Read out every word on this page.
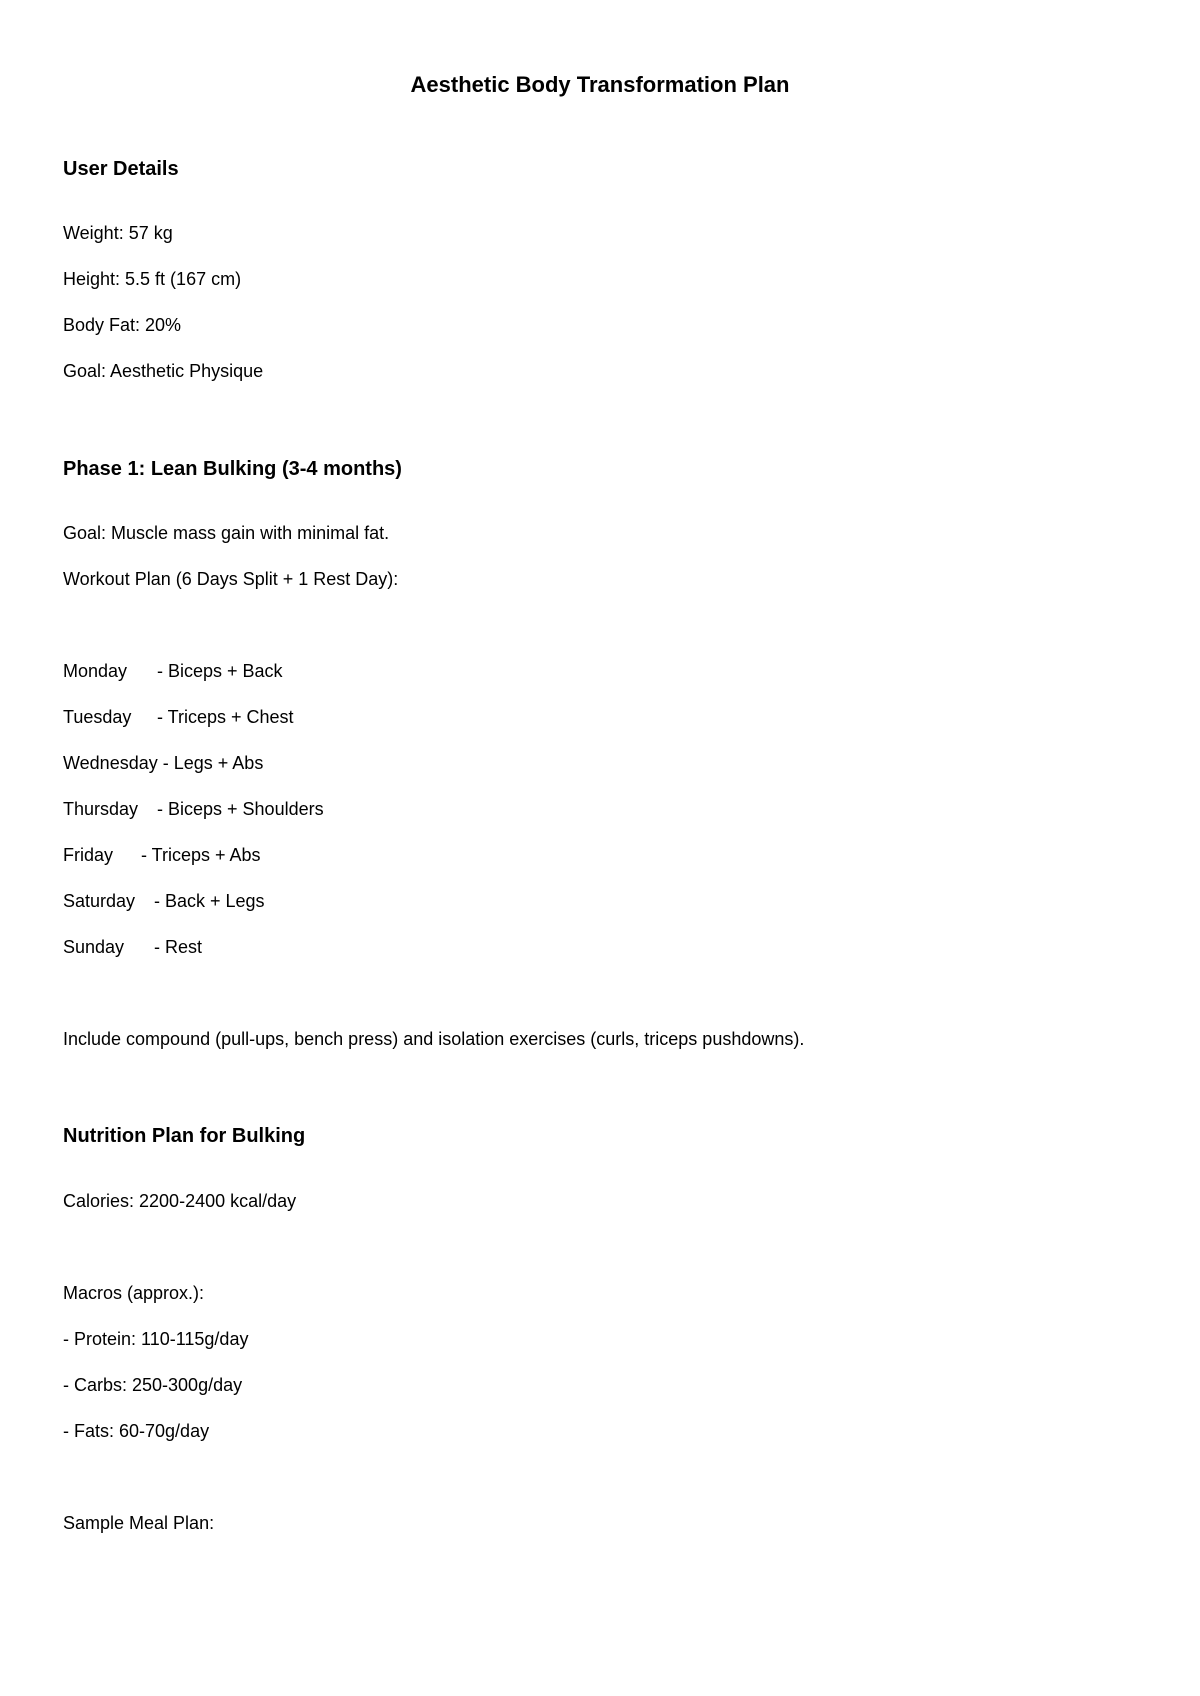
Aesthetic Body Transformation Plan
User Details
Weight: 57 kg
Height: 5.5 ft (167 cm)
Body Fat: 20%
Goal: Aesthetic Physique
Phase 1: Lean Bulking (3-4 months)
Goal: Muscle mass gain with minimal fat.
Workout Plan (6 Days Split + 1 Rest Day):
Monday - Biceps + Back
Tuesday - Triceps + Chest
Wednesday - Legs + Abs
Thursday - Biceps + Shoulders
Friday - Triceps + Abs
Saturday - Back + Legs
Sunday - Rest
Include compound (pull-ups, bench press) and isolation exercises (curls, triceps pushdowns).
Nutrition Plan for Bulking
Calories: 2200-2400 kcal/day
Macros (approx.):
- Protein: 110-115g/day
- Carbs: 250-300g/day
- Fats: 60-70g/day
Sample Meal Plan:
